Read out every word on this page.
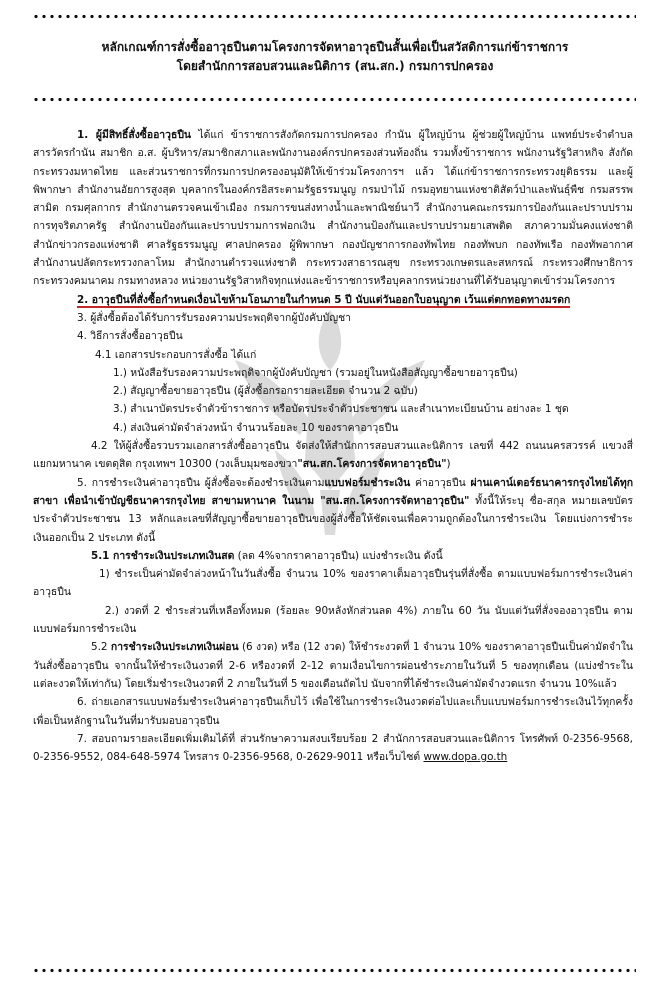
หลักเกณฑ์การสั่งซื้ออาวุธปืนตามโครงการจัดหาอาวุธปืนสั้นเพื่อเป็นสวัสดิการแก่ข้าราชการ
โดยสำนักการสอบสวนและนิติการ (สน.สก.) กรมการปกครอง

1. ผู้มีสิทธิ์สั่งซื้ออาวุธปืน ได้แก่ ข้าราชการสังกัดกรมการปกครอง กำนัน ผู้ใหญ่บ้าน ผู้ช่วยผู้ใหญ่บ้าน แพทย์ประจำตำบล สารวัตรกำนัน สมาชิก อ.ส. ผู้บริหาร/สมาชิกสภาและพนักงานองค์กรปกครองส่วนท้องถิ่น รวมทั้งข้าราชการ พนักงานรัฐวิสาหกิจ สังกัดกระทรวงมหาดไทย และส่วนราชการที่กรมการปกครองอนุมัติให้เข้าร่วมโครงการฯ แล้ว ได้แก่ข้าราชการกระทรวงยุติธรรม และผู้พิพากษา สำนักงานอัยการสูงสุด บุคลากรในองค์กรอิสระตามรัฐธรรมนูญ กรมป่าไม้ กรมอุทยานแห่งชาติสัตว์ป่าและพันธุ์พืช กรมสรรพสามิต กรมศุลกากร สำนักงานตรวจคนเข้าเมือง กรมการขนส่งทางน้ำและพาณิชย์นาวี สำนักงานคณะกรรมการป้องกันและปราบปรามการทุจริตภาครัฐ สำนักงานป้องกันและปราบปรามการฟอกเงิน สำนักงานป้องกันและปราบปรามยาเสพติด สภาความมั่นคงแห่งชาติ สำนักข่าวกรองแห่งชาติ ศาลรัฐธรรมนูญ ศาลปกครอง ผู้พิพากษา กองบัญชาการกองทัพไทย กองทัพบก กองทัพเรือ กองทัพอากาศ สำนักงานปลัดกระทรวงกลาโหม สำนักงานตำรวจแห่งชาติ กระทรวงสาธารณสุข กระทรวงเกษตรและสหกรณ์ กระทรวงศึกษาธิการ กระทรวงคมนาคม กรมทางหลวง หน่วยงานรัฐวิสาหกิจทุกแห่งและข้าราชการหรือบุคลากรหน่วยงานที่ได้รับอนุญาตเข้าร่วมโครงการ

2. อาวุธปืนที่สั่งซื้อกำหนดเงื่อนไขห้ามโอนภายในกำหนด 5 ปี นับแต่วันออกใบอนุญาต เว้นแต่ตกทอดทางมรดก

3. ผู้สั่งซื้อต้องได้รับการรับรองความประพฤติจากผู้บังคับบัญชา

4. วิธีการสั่งซื้ออาวุธปืน

4.1 เอกสารประกอบการสั่งซื้อ ได้แก่

1.) หนังสือรับรองความประพฤติจากผู้บังคับบัญชา (รวมอยู่ในหนังสือสัญญาซื้อขายอาวุธปืน)

2.) สัญญาซื้อขายอาวุธปืน (ผู้สั่งซื้อกรอกรายละเอียด จำนวน 2 ฉบับ)

3.) สำเนาบัตรประจำตัวข้าราชการ หรือบัตรประจำตัวประชาชน และสำเนาทะเบียนบ้าน อย่างละ 1 ชุด

4.) ส่งเงินค่ามัดจำล่วงหน้า จำนวนร้อยละ 10 ของราคาอาวุธปืน

4.2 ให้ผู้สั่งซื้อรวบรวมเอกสารสั่งซื้ออาวุธปืน จัดส่งให้สำนักการสอบสวนและนิติการ เลขที่ 442 ถนนนครสวรรค์ แขวงสี่แยกมหานาค เขตดุสิต กรุงเทพฯ 10300 (วงเล็บมุมซองขวา"สน.สก.โครงการจัดหาอาวุธปืน")

5. การชำระเงินค่าอาวุธปืน ผู้สั่งซื้อจะต้องชำระเงินตามแบบฟอร์มชำระเงิน ค่าอาวุธปืน ผ่านเคาน์เตอร์ธนาคารกรุงไทยได้ทุกสาขา เพื่อนำเข้าบัญชีธนาคารกรุงไทย สาขามหานาค ในนาม "สน.สก.โครงการจัดหาอาวุธปืน" ทั้งนี้ให้ระบุ ชื่อ-สกุล หมายเลขบัตรประจำตัวประชาชน 13 หลักและเลขที่สัญญาซื้อขายอาวุธปืนของผู้สั่งซื้อให้ชัดเจนเพื่อความถูกต้องในการชำระเงิน โดยแบ่งการชำระเงินออกเป็น 2 ประเภท ดังนี้

5.1 การชำระเงินประเภทเงินสด (ลด 4%จากราคาอาวุธปืน) แบ่งชำระเงิน ดังนี้

1) ชำระเป็นค่ามัดจำล่วงหน้าในวันสั่งซื้อ จำนวน 10% ของราคาเต็มอาวุธปืนรุ่นที่สั่งซื้อ ตามแบบฟอร์มการชำระเงินค่าอาวุธปืน

2.) งวดที่ 2 ชำระส่วนที่เหลือทั้งหมด (ร้อยละ 90หลังหักส่วนลด 4%) ภายใน 60 วัน นับแต่วันที่สั่งจองอาวุธปืน ตามแบบฟอร์มการชำระเงิน

5.2 การชำระเงินประเภทเงินผ่อน (6 งวด) หรือ (12 งวด) ให้ชำระงวดที่ 1 จำนวน 10% ของราคาอาวุธปืนเป็นค่ามัดจำในวันสั่งซื้ออาวุธปืน จากนั้นให้ชำระเงินงวดที่ 2-6 หรืองวดที่ 2-12 ตามเงื่อนไขการผ่อนชำระภายในวันที่ 5 ของทุกเดือน (แบ่งชำระในแต่ละงวดให้เท่ากัน) โดยเริ่มชำระเงินงวดที่ 2 ภายในวันที่ 5 ของเดือนถัดไป นับจากที่ได้ชำระเงินค่ามัดจำงวดแรก จำนวน 10%แล้ว

6. ถ่ายเอกสารแบบฟอร์มชำระเงินค่าอาวุธปืนเก็บไว้ เพื่อใช้ในการชำระเงินงวดต่อไปและเก็บแบบฟอร์มการชำระเงินไว้ทุกครั้ง เพื่อเป็นหลักฐานในวันที่มารับมอบอาวุธปืน

7. สอบถามรายละเอียดเพิ่มเติมได้ที่ ส่วนรักษาความสงบเรียบร้อย 2 สำนักการสอบสวนและนิติการ โทรศัพท์ 0-2356-9568, 0-2356-9552, 084-648-5974 โทรสาร 0-2356-9568, 0-2629-9011 หรือเว็บไซต์ www.dopa.go.th
